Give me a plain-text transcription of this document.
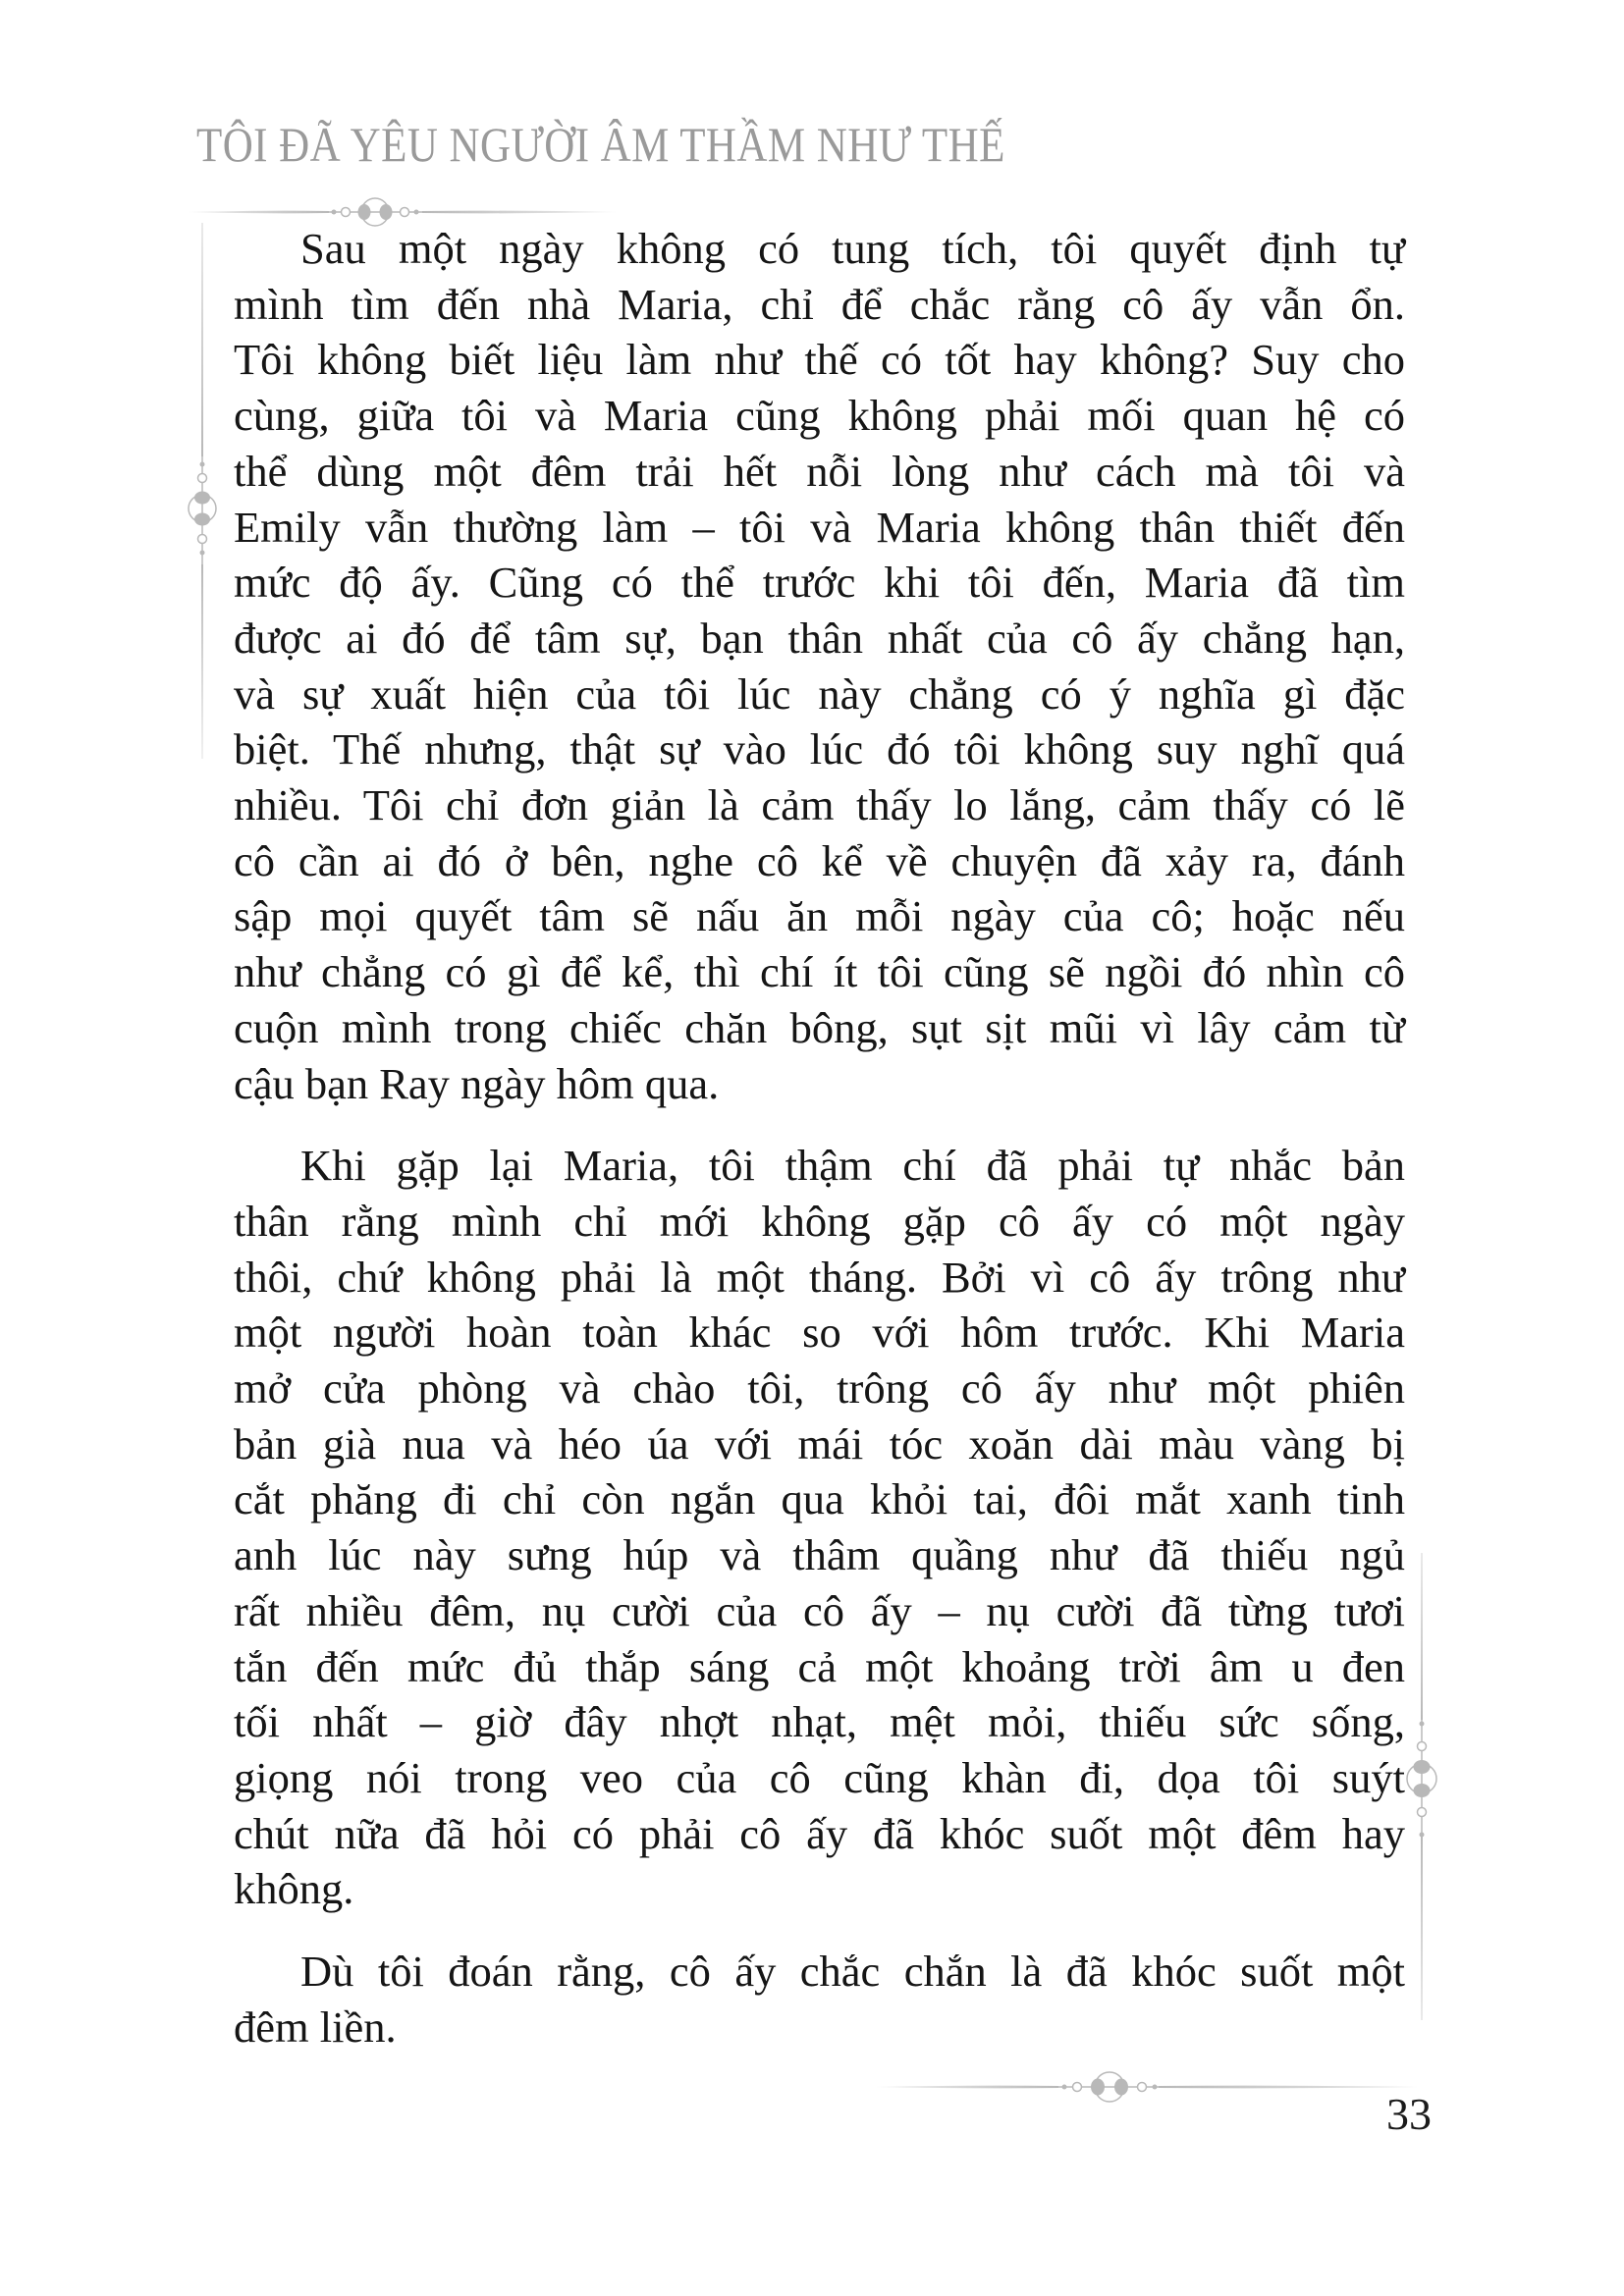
TÔI ĐÃ YÊU NGƯỜI ÂM THẦM NHƯ THẾ

Sau một ngày không có tung tích, tôi quyết định tự
mình tìm đến nhà Maria, chỉ để chắc rằng cô ấy vẫn ổn.
Tôi không biết liệu làm như thế có tốt hay không? Suy cho
cùng, giữa tôi và Maria cũng không phải mối quan hệ có
thể dùng một đêm trải hết nỗi lòng như cách mà tôi và
Emily vẫn thường làm – tôi và Maria không thân thiết đến
mức độ ấy. Cũng có thể trước khi tôi đến, Maria đã tìm
được ai đó để tâm sự, bạn thân nhất của cô ấy chẳng hạn,
và sự xuất hiện của tôi lúc này chẳng có ý nghĩa gì đặc
biệt. Thế nhưng, thật sự vào lúc đó tôi không suy nghĩ quá
nhiều. Tôi chỉ đơn giản là cảm thấy lo lắng, cảm thấy có lẽ
cô cần ai đó ở bên, nghe cô kể về chuyện đã xảy ra, đánh
sập mọi quyết tâm sẽ nấu ăn mỗi ngày của cô; hoặc nếu
như chẳng có gì để kể, thì chí ít tôi cũng sẽ ngồi đó nhìn cô
cuộn mình trong chiếc chăn bông, sụt sịt mũi vì lây cảm từ
cậu bạn Ray ngày hôm qua.

Khi gặp lại Maria, tôi thậm chí đã phải tự nhắc bản
thân rằng mình chỉ mới không gặp cô ấy có một ngày
thôi, chứ không phải là một tháng. Bởi vì cô ấy trông như
một người hoàn toàn khác so với hôm trước. Khi Maria
mở cửa phòng và chào tôi, trông cô ấy như một phiên
bản già nua và héo úa với mái tóc xoăn dài màu vàng bị
cắt phăng đi chỉ còn ngắn qua khỏi tai, đôi mắt xanh tinh
anh lúc này sưng húp và thâm quầng như đã thiếu ngủ
rất nhiều đêm, nụ cười của cô ấy – nụ cười đã từng tươi
tắn đến mức đủ thắp sáng cả một khoảng trời âm u đen
tối nhất – giờ đây nhợt nhạt, mệt mỏi, thiếu sức sống,
giọng nói trong veo của cô cũng khàn đi, dọa tôi suýt
chút nữa đã hỏi có phải cô ấy đã khóc suốt một đêm hay
không.

Dù tôi đoán rằng, cô ấy chắc chắn là đã khóc suốt một
đêm liền.

33
